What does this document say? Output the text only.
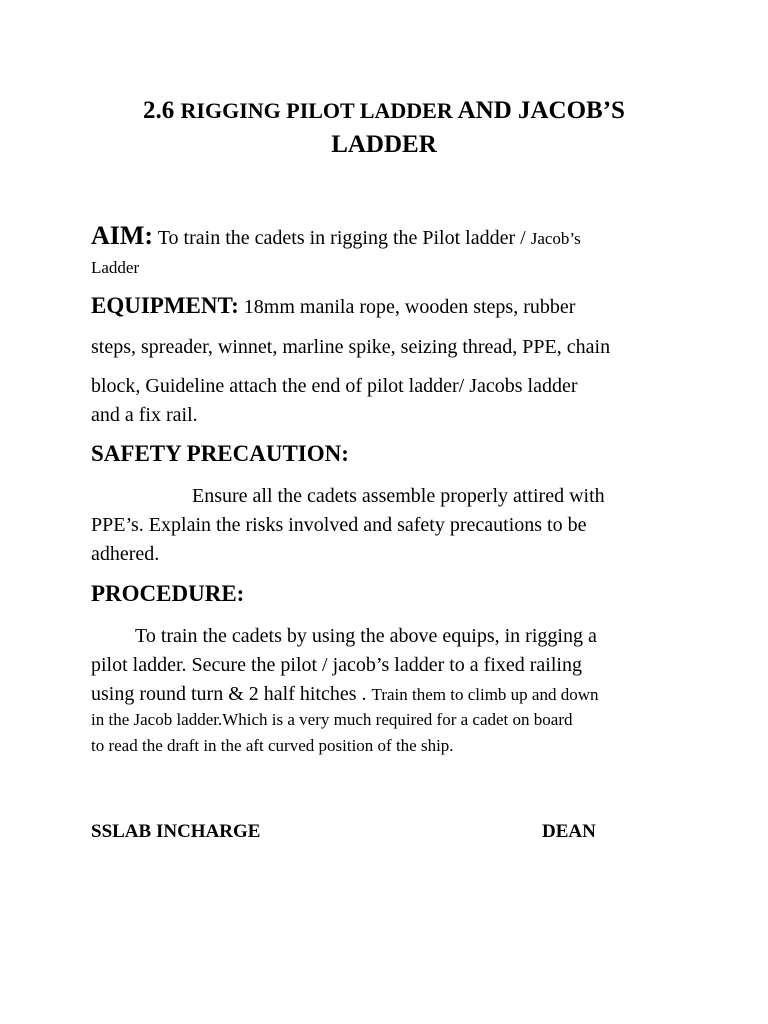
2.6 RIGGING PILOT LADDER AND JACOB’S
LADDER

AIM: To train the cadets in rigging the Pilot ladder / Jacob’s

Ladder

EQUIPMENT: 18mm manila rope, wooden steps, rubber

steps, spreader, winnet, marline spike, seizing thread, PPE, chain

block, Guideline attach the end of pilot ladder/ Jacobs ladder

and a fix rail.

SAFETY PRECAUTION:

Ensure all the cadets assemble properly attired with

PPE’s. Explain the risks involved and safety precautions to be

adhered.

PROCEDURE:

To train the cadets by using the above equips, in rigging a

pilot ladder. Secure the pilot / jacob’s ladder to a fixed railing

using round turn & 2 half hitches . Train them to climb up and down

in the Jacob ladder.Which is a very much required for a cadet on board

to read the draft in the aft curved position of the ship.

SSLAB INCHARGE	DEAN
